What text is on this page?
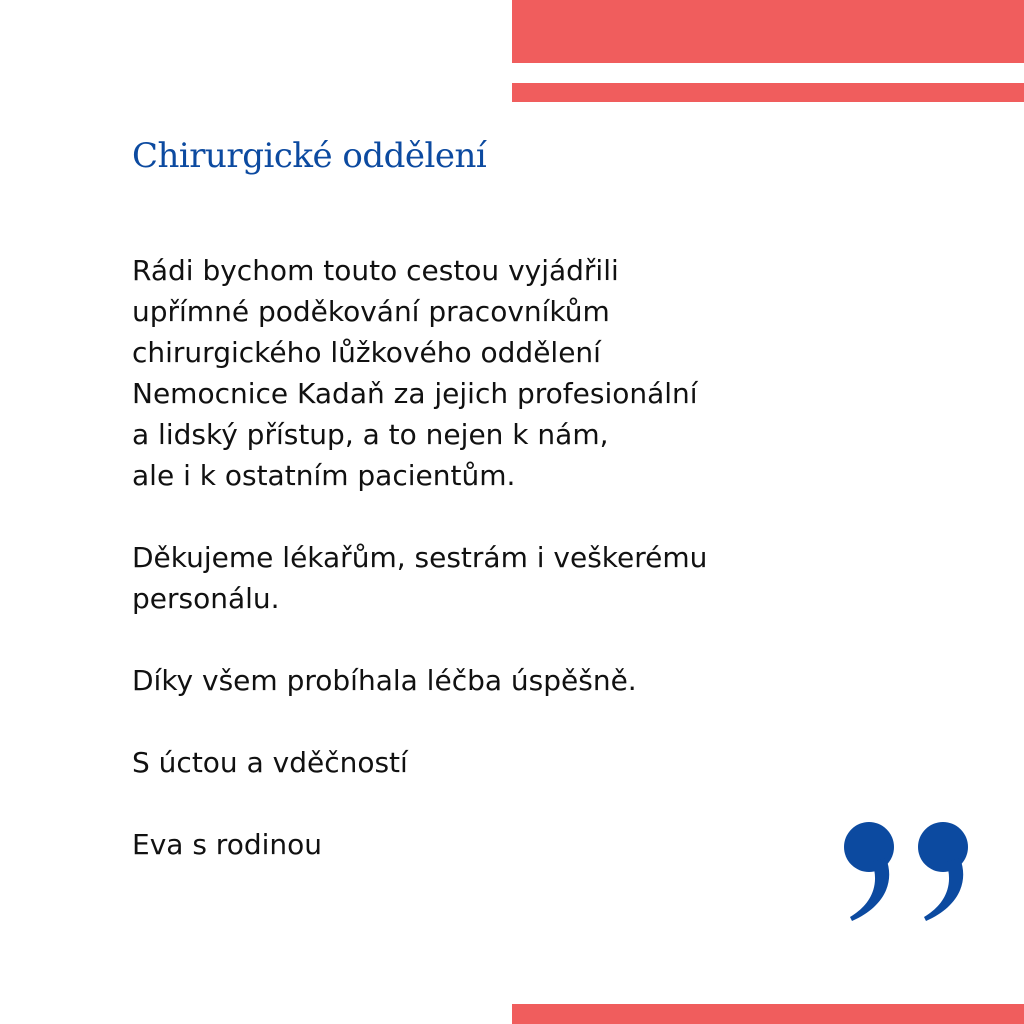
Chirurgické oddělení
Rádi bychom touto cestou vyjádřili
upřímné poděkování pracovníkům
chirurgického lůžkového oddělení
Nemocnice Kadaň za jejich profesionální
a lidský přístup, a to nejen k nám,
ale i k ostatním pacientům.
Děkujeme lékařům, sestrám i veškerému
personálu.
Díky všem probíhala léčba úspěšně.
S úctou a vděčností
Eva s rodinou
